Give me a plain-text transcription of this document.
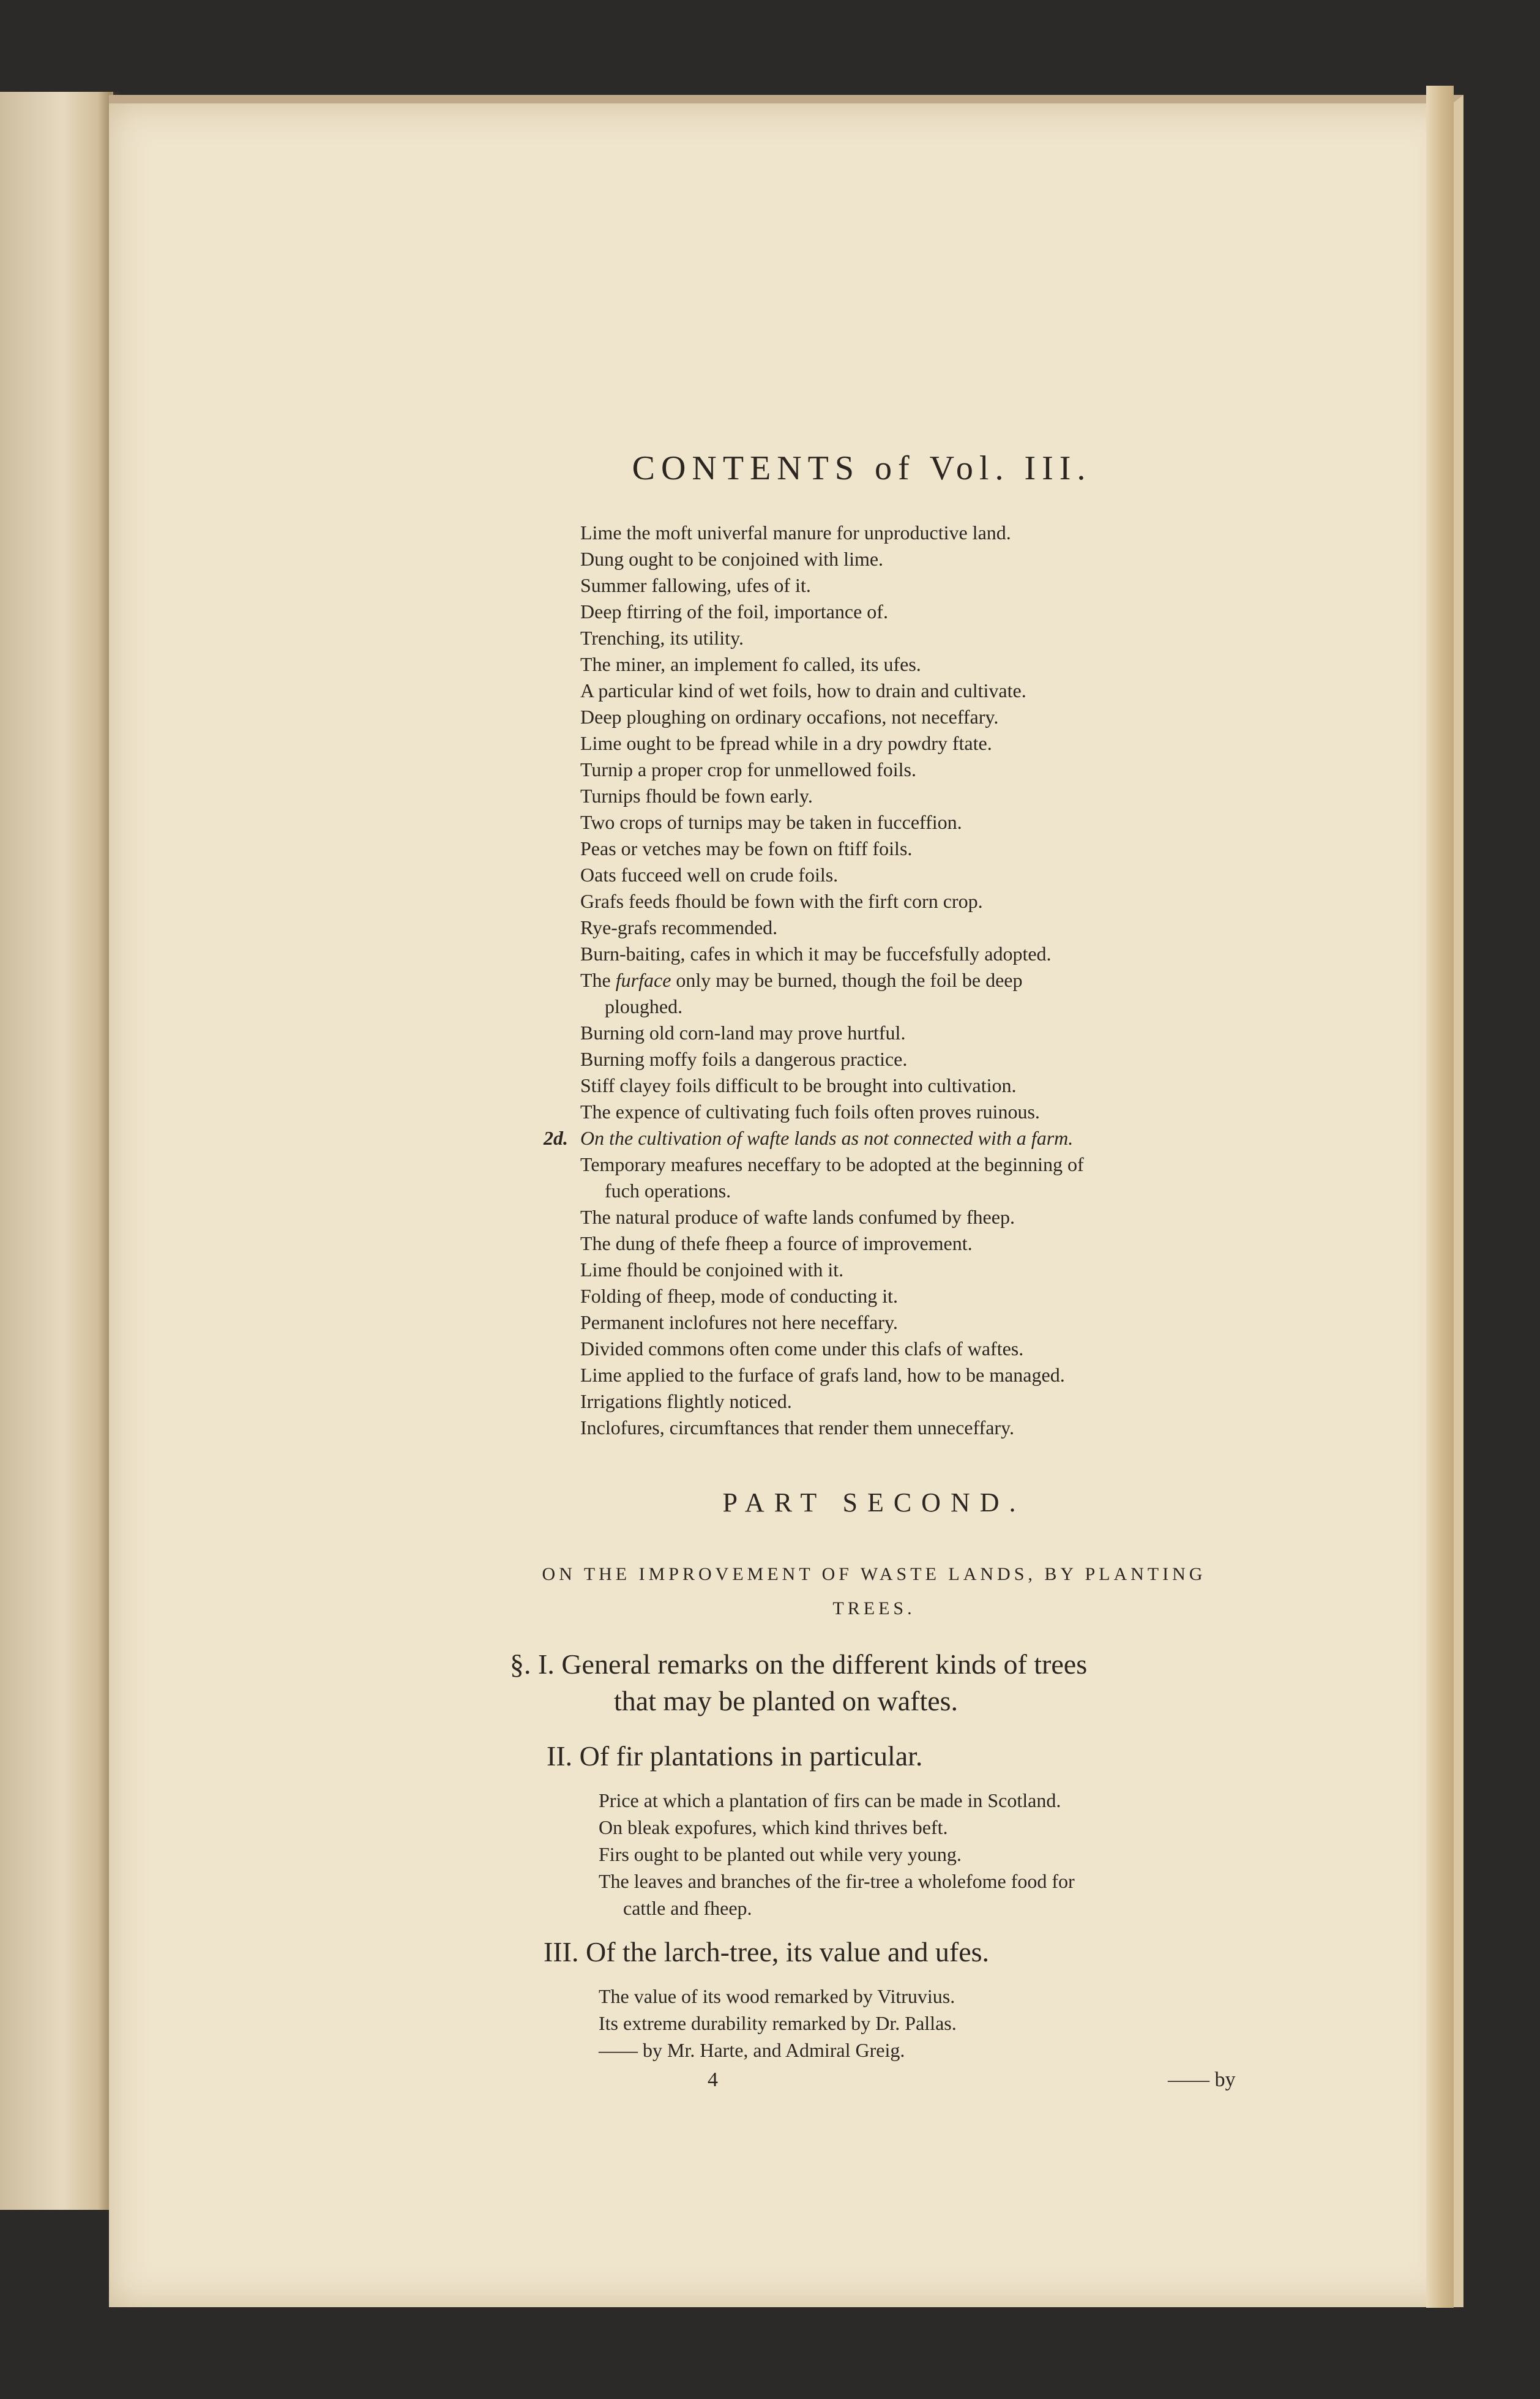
CONTENTS of Vol. III.
Lime the moft univerfal manure for unproductive land.
Dung ought to be conjoined with lime.
Summer fallowing, ufes of it.
Deep ftirring of the foil, importance of.
Trenching, its utility.
The miner, an implement fo called, its ufes.
A particular kind of wet foils, how to drain and cultivate.
Deep ploughing on ordinary occafions, not neceffary.
Lime ought to be fpread while in a dry powdry ftate.
Turnip a proper crop for unmellowed foils.
Turnips fhould be fown early.
Two crops of turnips may be taken in fucceffion.
Peas or vetches may be fown on ftiff foils.
Oats fucceed well on crude foils.
Grafs feeds fhould be fown with the firft corn crop.
Rye-grafs recommended.
Burn-baiting, cafes in which it may be fuccefsfully adopted.
The furface only may be burned, though the foil be deep
ploughed.
Burning old corn-land may prove hurtful.
Burning moffy foils a dangerous practice.
Stiff clayey foils difficult to be brought into cultivation.
The expence of cultivating fuch foils often proves ruinous.
2d. On the cultivation of wafte lands as not connected with a farm.
Temporary meafures neceffary to be adopted at the beginning of
fuch operations.
The natural produce of wafte lands confumed by fheep.
The dung of thefe fheep a fource of improvement.
Lime fhould be conjoined with it.
Folding of fheep, mode of conducting it.
Permanent inclofures not here neceffary.
Divided commons often come under this clafs of waftes.
Lime applied to the furface of grafs land, how to be managed.
Irrigations flightly noticed.
Inclofures, circumftances that render them unneceffary.
PART SECOND.
ON THE IMPROVEMENT OF WASTE LANDS, BY PLANTING
TREES.
§. I. General remarks on the different kinds of trees
that may be planted on waftes.
II. Of fir plantations in particular.
Price at which a plantation of firs can be made in Scotland.
On bleak expofures, which kind thrives beft.
Firs ought to be planted out while very young.
The leaves and branches of the fir-tree a wholefome food for
cattle and fheep.
III. Of the larch-tree, its value and ufes.
The value of its wood remarked by Vitruvius.
Its extreme durability remarked by Dr. Pallas.
—— by Mr. Harte, and Admiral Greig.
4	—— by
